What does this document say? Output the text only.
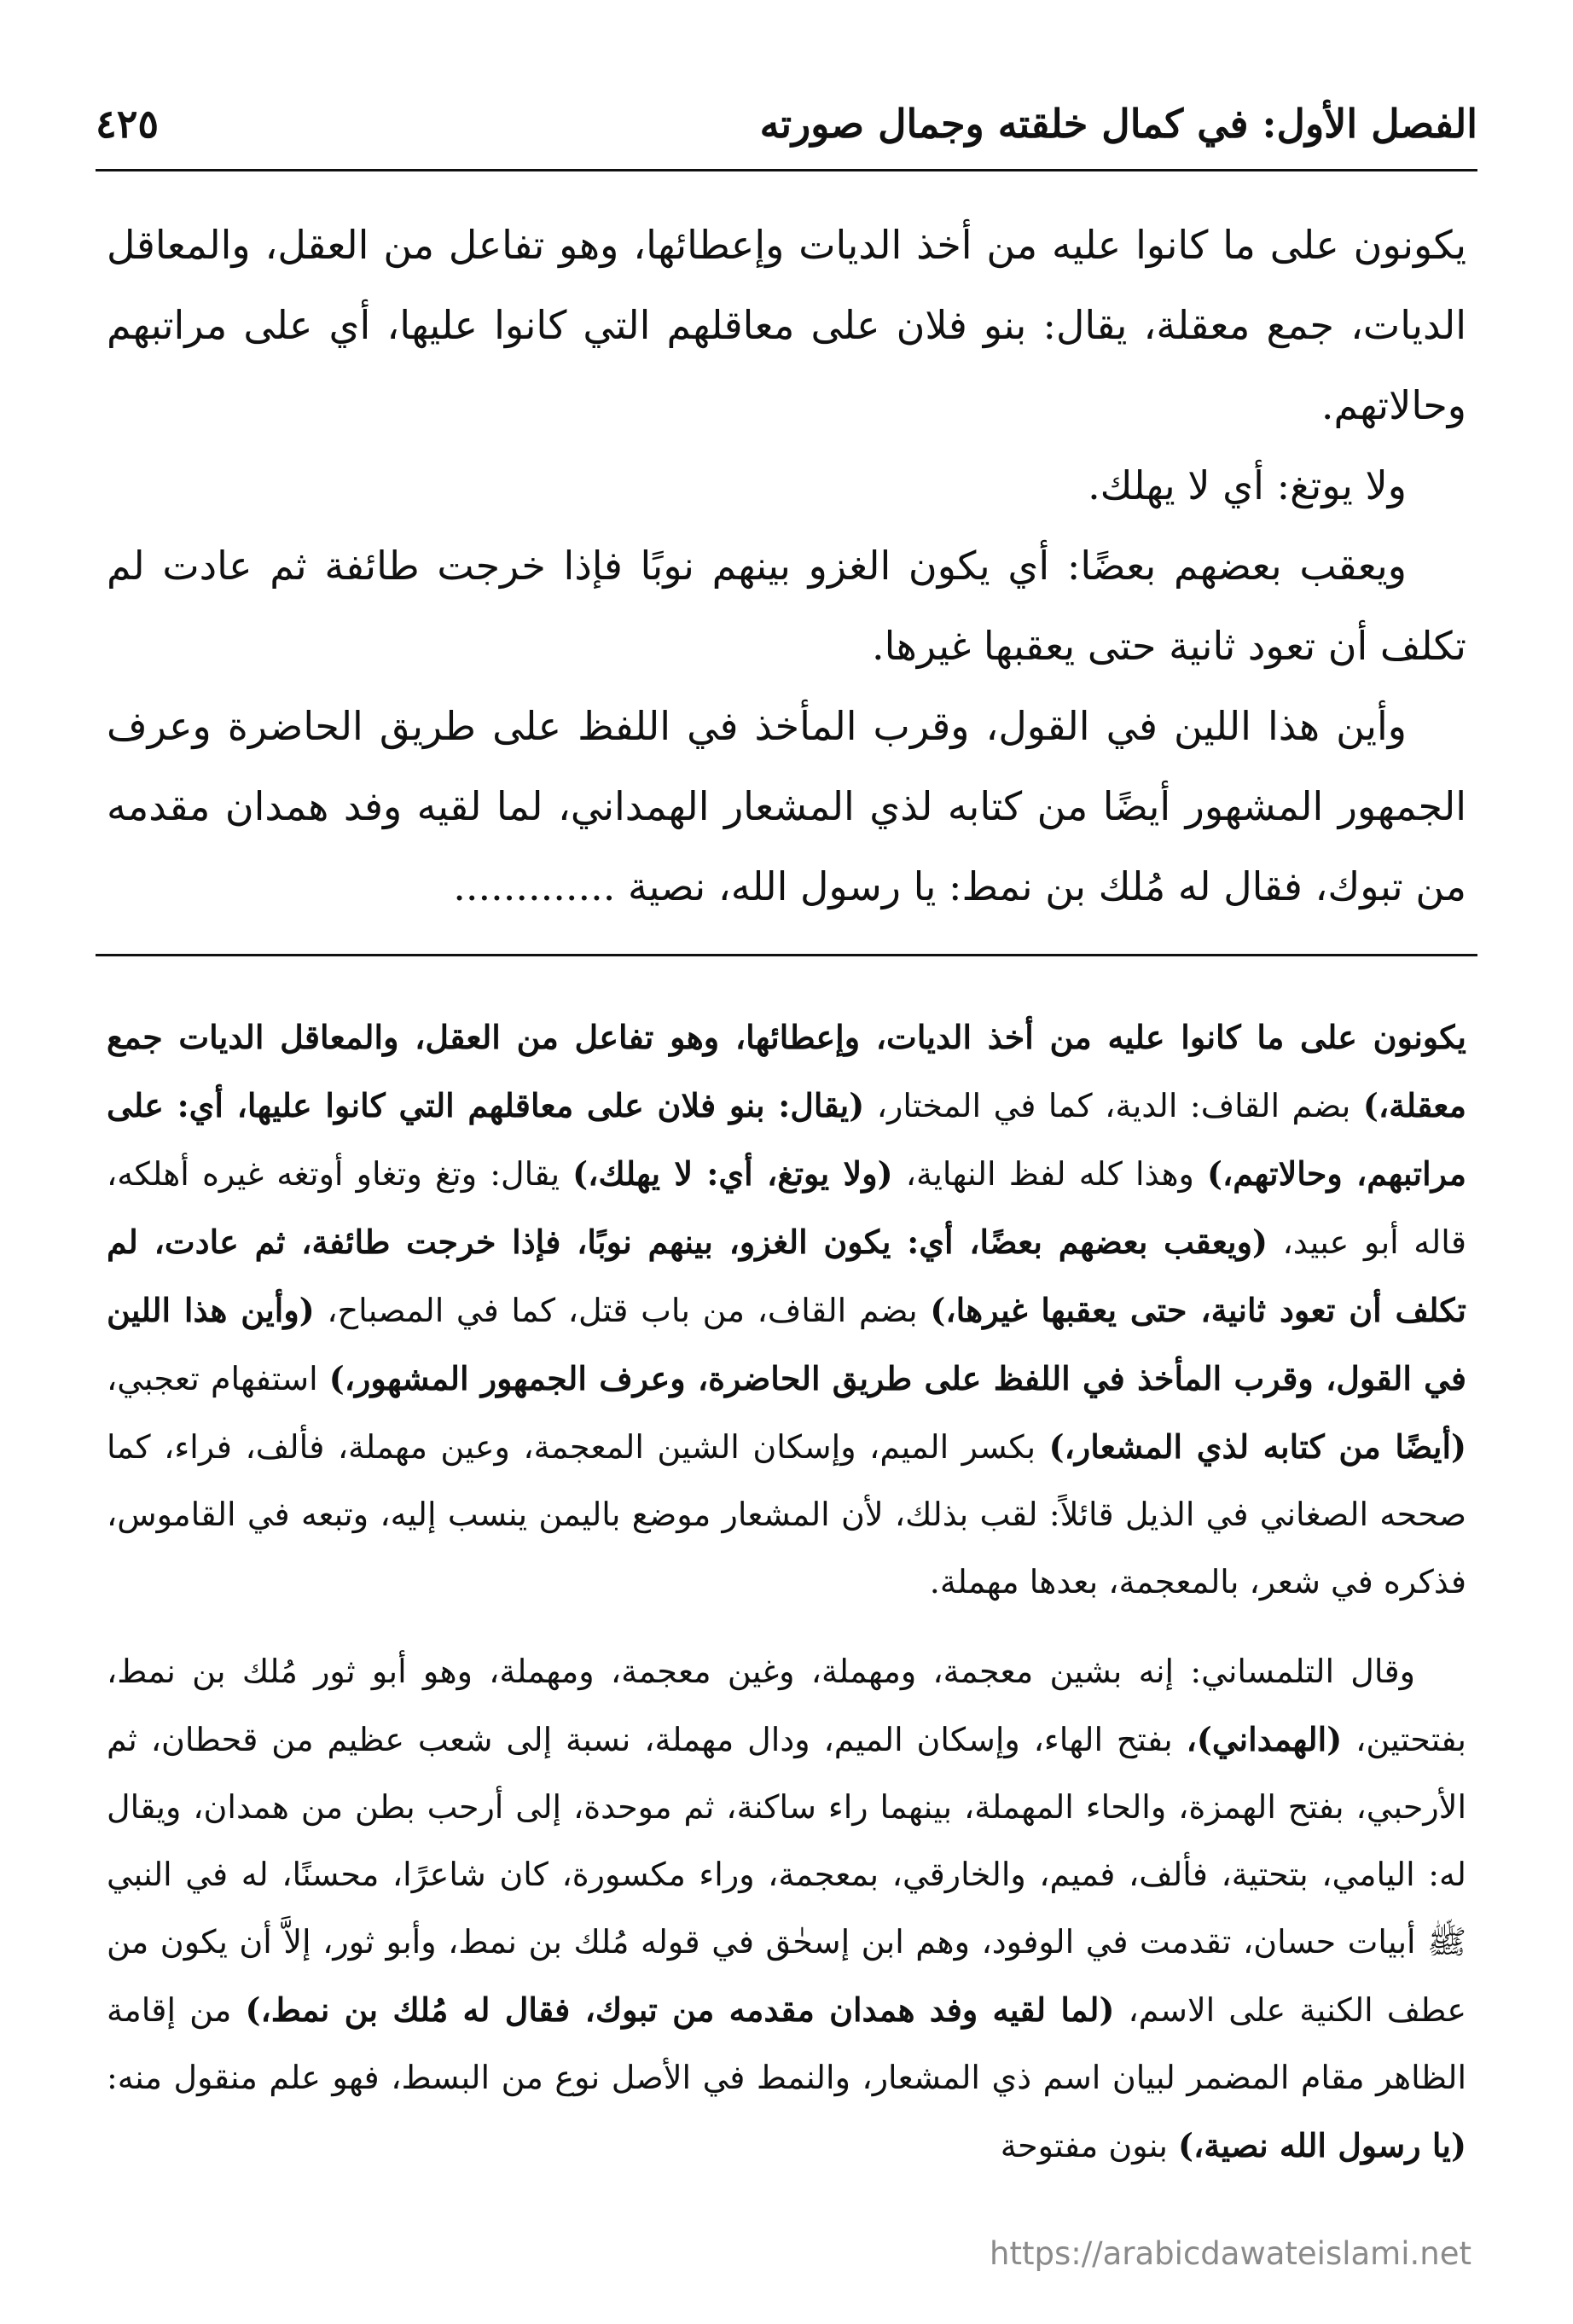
الفصل الأول: في كمال خلقته وجمال صورته
٤٢٥

يكونون على ما كانوا عليه من أخذ الديات وإعطائها، وهو تفاعل من العقل، والمعاقل الديات، جمع معقلة، يقال: بنو فلان على معاقلهم التي كانوا عليها، أي على مراتبهم وحالاتهم.

ولا يوتغ: أي لا يهلك.

ويعقب بعضهم بعضًا: أي يكون الغزو بينهم نوبًا فإذا خرجت طائفة ثم عادت لم تكلف أن تعود ثانية حتى يعقبها غيرها.

وأين هذا اللين في القول، وقرب المأخذ في اللفظ على طريق الحاضرة وعرف الجمهور المشهور أيضًا من كتابه لذي المشعار الهمداني، لما لقيه وفد همدان مقدمه من تبوك، فقال له مُلك بن نمط: يا رسول الله، نصية .............

يكونون على ما كانوا عليه من أخذ الديات، وإعطائها، وهو تفاعل من العقل، والمعاقل الديات جمع معقلة،) بضم القاف: الدية، كما في المختار، (يقال: بنو فلان على معاقلهم التي كانوا عليها، أي: على مراتبهم، وحالاتهم،) وهذا كله لفظ النهاية، (ولا يوتغ، أي: لا يهلك،) يقال: وتغ وتغاو أوتغه غيره أهلكه، قاله أبو عبيد، (ويعقب بعضهم بعضًا، أي: يكون الغزو، بينهم نوبًا، فإذا خرجت طائفة، ثم عادت، لم تكلف أن تعود ثانية، حتى يعقبها غيرها،) بضم القاف، من باب قتل، كما في المصباح، (وأين هذا اللين في القول، وقرب المأخذ في اللفظ على طريق الحاضرة، وعرف الجمهور المشهور،) استفهام تعجبي، (أيضًا من كتابه لذي المشعار،) بكسر الميم، وإسكان الشين المعجمة، وعين مهملة، فألف، فراء، كما صححه الصغاني في الذيل قائلاً: لقب بذلك، لأن المشعار موضع باليمن ينسب إليه، وتبعه في القاموس، فذكره في شعر، بالمعجمة، بعدها مهملة.

وقال التلمساني: إنه بشين معجمة، ومهملة، وغين معجمة، ومهملة، وهو أبو ثور مُلك بن نمط، بفتحتين، (الهمداني)، بفتح الهاء، وإسكان الميم، ودال مهملة، نسبة إلى شعب عظيم من قحطان، ثم الأرحبي، بفتح الهمزة، والحاء المهملة، بينهما راء ساكنة، ثم موحدة، إلى أرحب بطن من همدان، ويقال له: اليامي، بتحتية، فألف، فميم، والخارقي، بمعجمة، وراء مكسورة، كان شاعرًا، محسنًا، له في النبي ﷺ أبيات حسان، تقدمت في الوفود، وهم ابن إسحٰق في قوله مُلك بن نمط، وأبو ثور، إلاَّ أن يكون من عطف الكنية على الاسم، (لما لقيه وفد همدان مقدمه من تبوك، فقال له مُلك بن نمط،) من إقامة الظاهر مقام المضمر لبيان اسم ذي المشعار، والنمط في الأصل نوع من البسط، فهو علم منقول منه: (يا رسول الله نصية،) بنون مفتوحة

https://arabicdawateislami.net
